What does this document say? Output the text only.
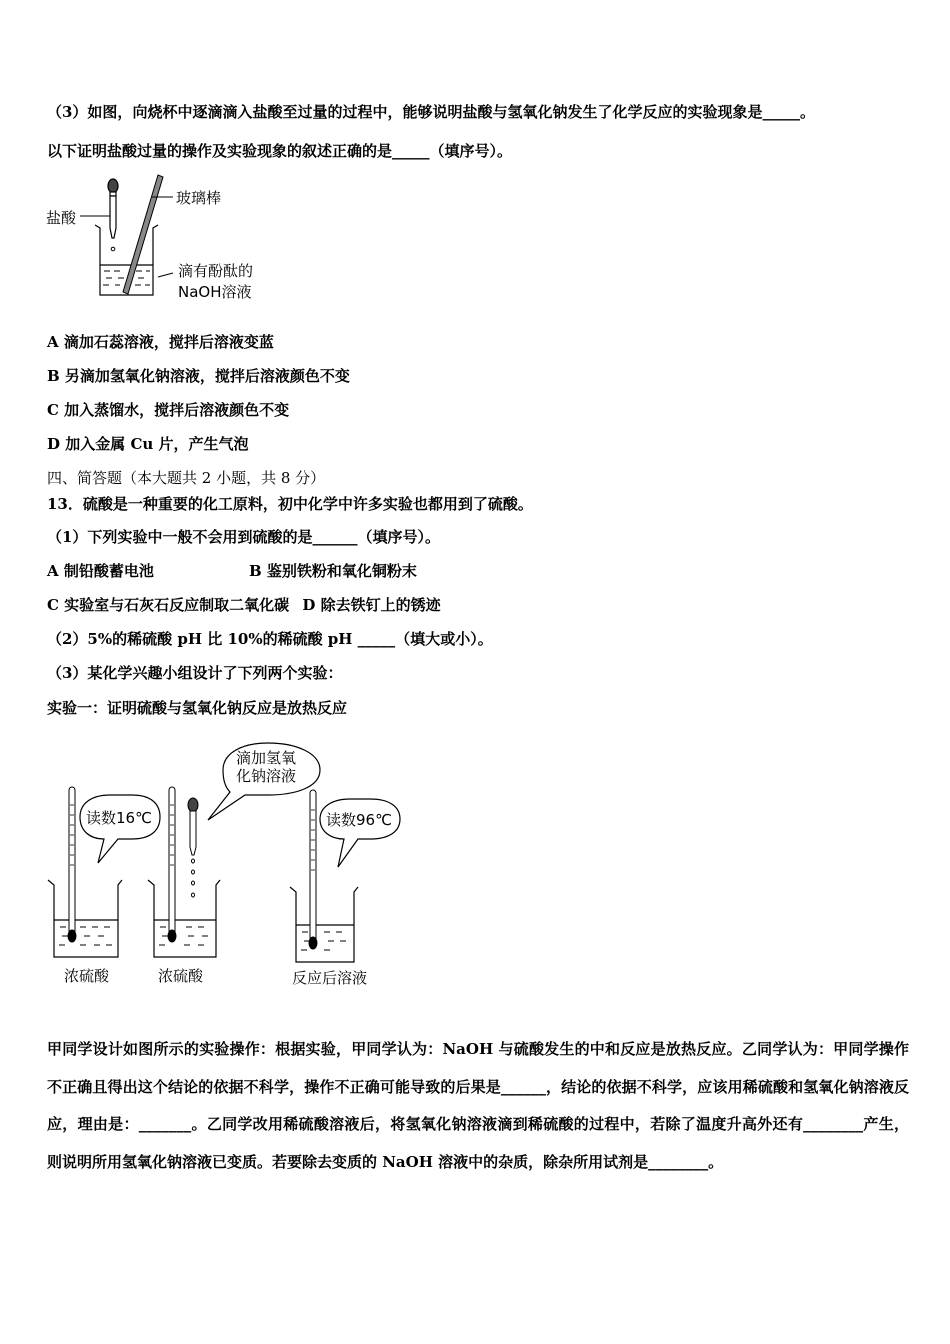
（3）如图，向烧杯中逐滴滴入盐酸至过量的过程中，能够说明盐酸与氢氧化钠发生了化学反应的实验现象是_____。
以下证明盐酸过量的操作及实验现象的叙述正确的是_____（填序号）。
盐酸
玻璃棒
滴有酚酞的
NaOH溶液
A 滴加石蕊溶液，搅拌后溶液变蓝
B 另滴加氢氧化钠溶液，搅拌后溶液颜色不变
C 加入蒸馏水，搅拌后溶液颜色不变
D 加入金属 Cu 片，产生气泡
四、简答题（本大题共 2 小题，共 8 分）
13．硫酸是一种重要的化工原料，初中化学中许多实验也都用到了硫酸。
（1）下列实验中一般不会用到硫酸的是______（填序号）。
A 制铅酸蓄电池	B 鉴别铁粉和氧化铜粉末
C 实验室与石灰石反应制取二氧化碳 D 除去铁钉上的锈迹
（2）5%的稀硫酸 pH 比 10%的稀硫酸 pH _____（填大或小）。
（3）某化学兴趣小组设计了下列两个实验：
实验一：证明硫酸与氢氧化钠反应是放热反应
读数16℃
滴加氢氧
化钠溶液
读数96℃
浓硫酸	浓硫酸	反应后溶液
甲同学设计如图所示的实验操作：根据实验，甲同学认为：NaOH 与硫酸发生的中和反应是放热反应。乙同学认为：甲同学操作不正确且得出这个结论的依据不科学，操作不正确可能导致的后果是______，结论的依据不科学，应该用稀硫酸和氢氧化钠溶液反应，理由是：_______。乙同学改用稀硫酸溶液后，将氢氧化钠溶液滴到稀硫酸的过程中，若除了温度升高外还有________产生，则说明所用氢氧化钠溶液已变质。若要除去变质的 NaOH 溶液中的杂质，除杂所用试剂是________。
